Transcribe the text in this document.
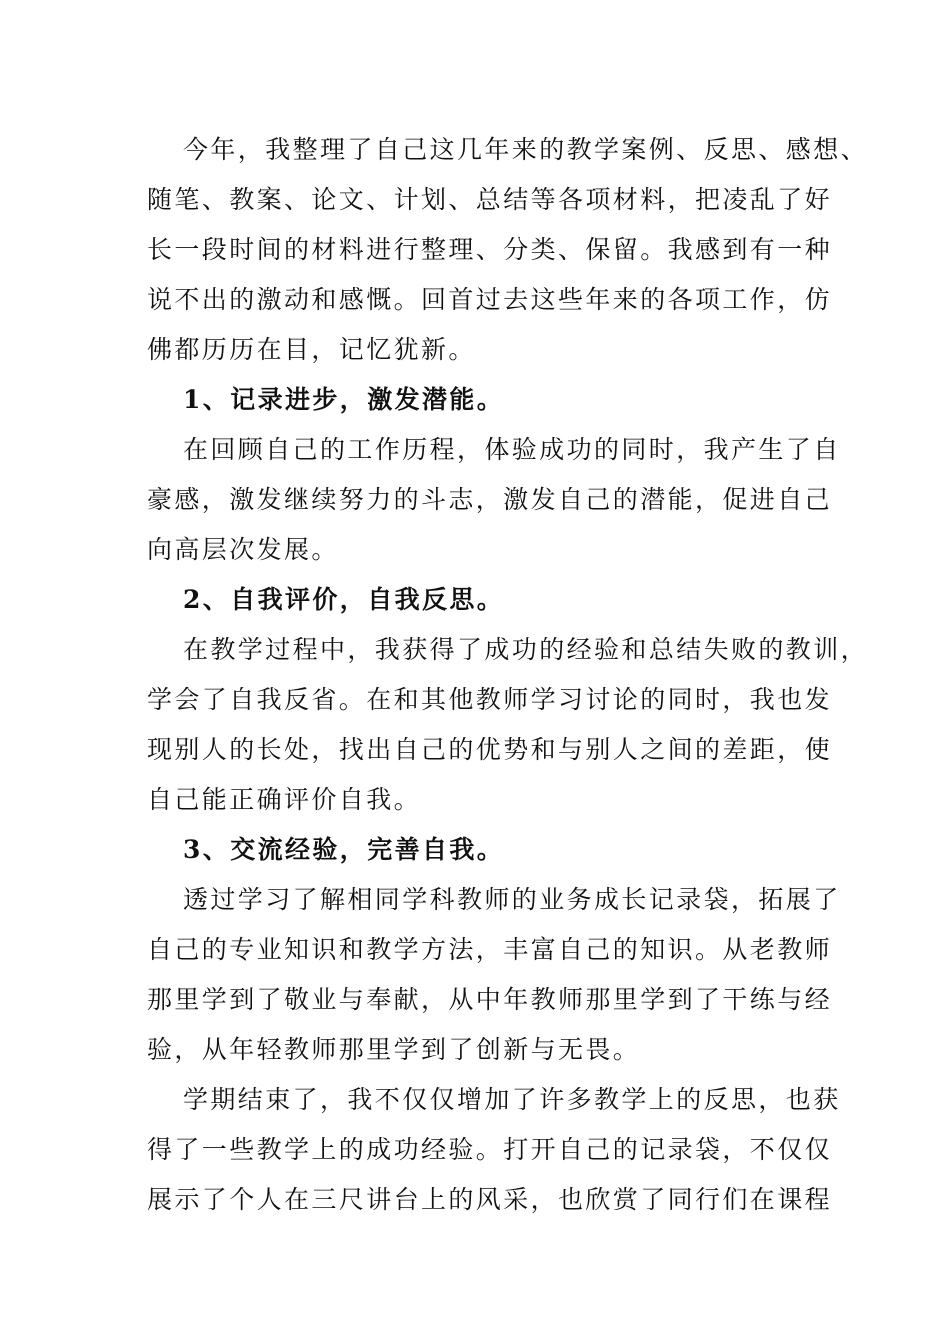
今年，我整理了自己这几年来的教学案例、反思、感想、

随笔、教案、论文、计划、总结等各项材料，把凌乱了好

长一段时间的材料进行整理、分类、保留。我感到有一种

说不出的激动和感慨。回首过去这些年来的各项工作，仿

佛都历历在目，记忆犹新。

1、记录进步，激发潜能。

在回顾自己的工作历程，体验成功的同时，我产生了自

豪感，激发继续努力的斗志，激发自己的潜能，促进自己

向高层次发展。

2、自我评价，自我反思。

在教学过程中，我获得了成功的经验和总结失败的教训，

学会了自我反省。在和其他教师学习讨论的同时，我也发

现别人的长处，找出自己的优势和与别人之间的差距，使

自己能正确评价自我。

3、交流经验，完善自我。

透过学习了解相同学科教师的业务成长记录袋，拓展了

自己的专业知识和教学方法，丰富自己的知识。从老教师

那里学到了敬业与奉献，从中年教师那里学到了干练与经

验，从年轻教师那里学到了创新与无畏。

学期结束了，我不仅仅增加了许多教学上的反思，也获

得了一些教学上的成功经验。打开自己的记录袋，不仅仅

展示了个人在三尺讲台上的风采，也欣赏了同行们在课程
